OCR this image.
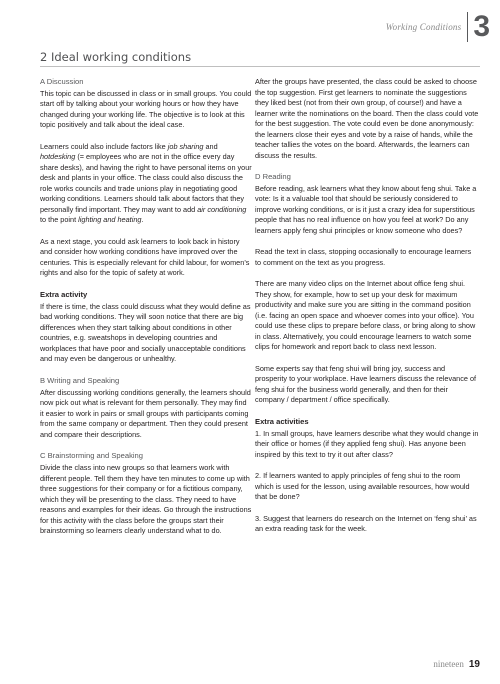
Working Conditions 3
2 Ideal working conditions
A Discussion

This topic can be discussed in class or in small groups. You could start off by talking about your working hours or how they have changed during your working life. The objective is to look at this topic positively and talk about the ideal case.

Learners could also include factors like job sharing and hotdesking (= employees who are not in the office every day share desks), and having the right to have personal items on your desk and plants in your office. The class could also discuss the role works councils and trade unions play in negotiating good working conditions. Learners should talk about factors that they personally find important. They may want to add air conditioning to the point lighting and heating.

As a next stage, you could ask learners to look back in history and consider how working conditions have improved over the centuries. This is especially relevant for child labour, for women’s rights and also for the topic of safety at work.

Extra activity

If there is time, the class could discuss what they would define as bad working conditions. They will soon notice that there are big differences when they start talking about conditions in other countries, e.g. sweatshops in developing countries and workplaces that have poor and socially unacceptable conditions and may even be dangerous or unhealthy.

B Writing and Speaking

After discussing working conditions generally, the learners should now pick out what is relevant for them personally. They may find it easier to work in pairs or small groups with participants coming from the same company or department. Then they could present and compare their descriptions.

C Brainstorming and Speaking

Divide the class into new groups so that learners work with different people. Tell them they have ten minutes to come up with three suggestions for their company or for a fictitious company, which they will be presenting to the class. They need to have reasons and examples for their ideas. Go through the instructions for this activity with the class before the groups start their brainstorming so learners clearly understand what to do.

After the groups have presented, the class could be asked to choose the top suggestion. First get learners to nominate the suggestions they liked best (not from their own group, of course!) and have a learner write the nominations on the board. Then the class could vote for the best suggestion. The vote could even be done anonymously: the learners close their eyes and vote by a raise of hands, while the teacher tallies the votes on the board. Afterwards, the learners can discuss the results.

D Reading

Before reading, ask learners what they know about feng shui. Take a vote: Is it a valuable tool that should be seriously considered to improve working conditions, or is it just a crazy idea for superstitious people that has no real influence on how you feel at work? Do any learners apply feng shui principles or know someone who does?

Read the text in class, stopping occasionally to encourage learners to comment on the text as you progress.

There are many video clips on the Internet about office feng shui. They show, for example, how to set up your desk for maximum productivity and make sure you are sitting in the command position (i.e. facing an open space and whoever comes into your office). You could use these clips to prepare before class, or bring along to show in class. Alternatively, you could encourage learners to watch some clips for homework and report back to class next lesson.

Some experts say that feng shui will bring joy, success and prosperity to your workplace. Have learners discuss the relevance of feng shui for the business world generally, and then for their company / department / office specifically.

Extra activities

1. In small groups, have learners describe what they would change in their office or homes (if they applied feng shui). Has anyone been inspired by this text to try it out after class?

2. If learners wanted to apply principles of feng shui to the room which is used for the lesson, using available resources, how would that be done?

3. Suggest that learners do research on the Internet on ‘feng shui’ as an extra reading task for the week.

nineteen 19
